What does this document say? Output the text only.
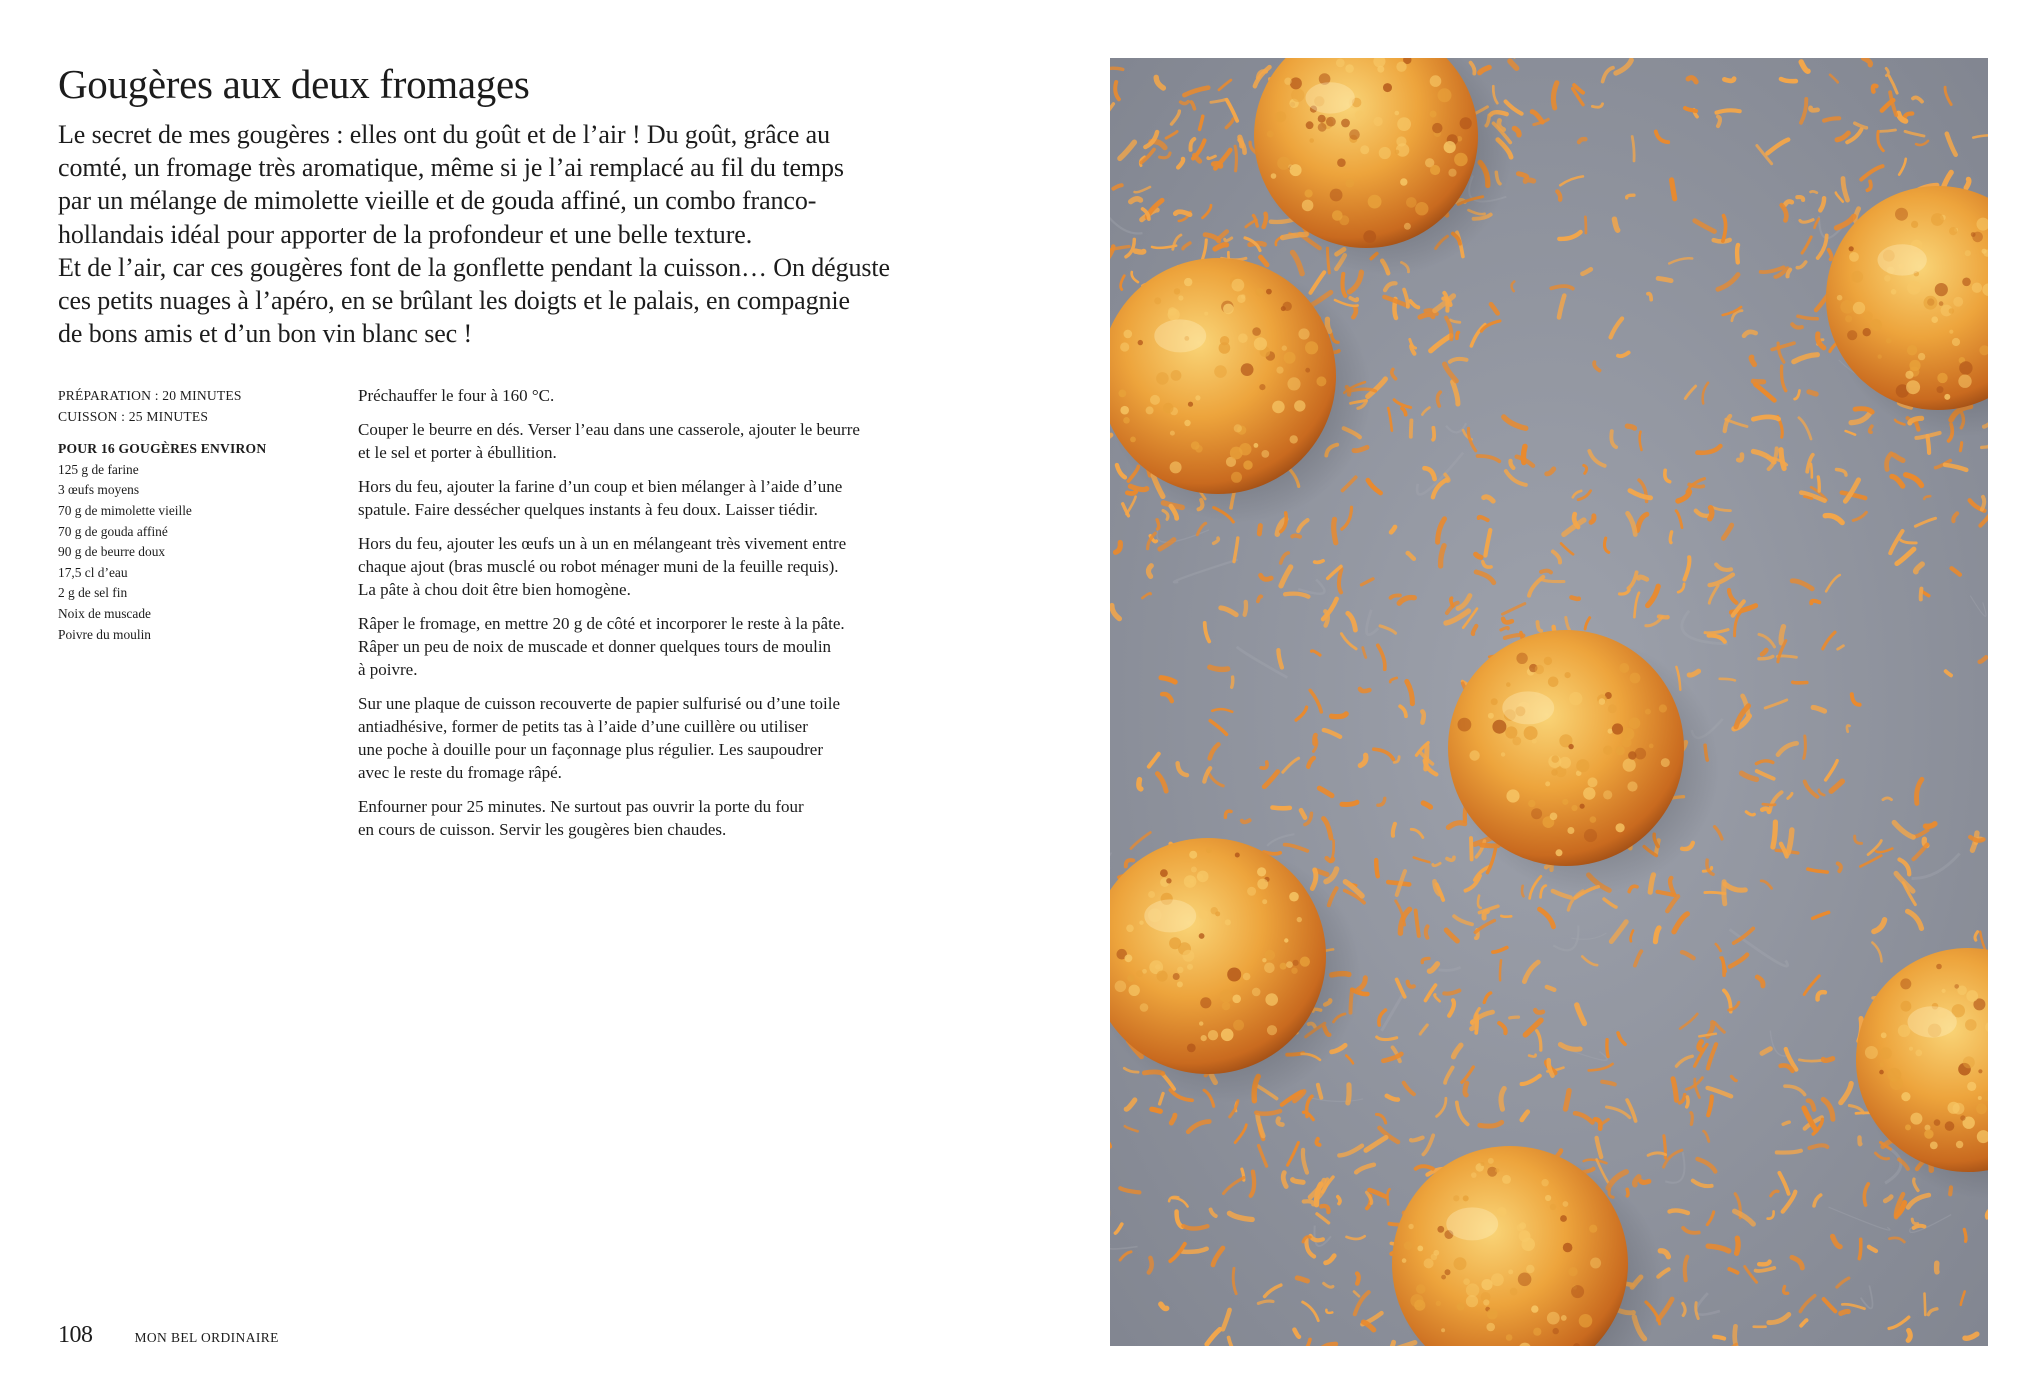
Gougères aux deux fromages

Le secret de mes gougères : elles ont du goût et de l’air ! Du goût, grâce au
comté, un fromage très aromatique, même si je l’ai remplacé au fil du temps
par un mélange de mimolette vieille et de gouda affiné, un combo franco-
hollandais idéal pour apporter de la profondeur et une belle texture.
Et de l’air, car ces gougères font de la gonflette pendant la cuisson… On déguste
ces petits nuages à l’apéro, en se brûlant les doigts et le palais, en compagnie
de bons amis et d’un bon vin blanc sec !

PRÉPARATION : 20 MINUTES
CUISSON : 25 MINUTES
POUR 16 GOUGÈRES ENVIRON
125 g de farine
3 œufs moyens
70 g de mimolette vieille
70 g de gouda affiné
90 g de beurre doux
17,5 cl d’eau
2 g de sel fin
Noix de muscade
Poivre du moulin

Préchauffer le four à 160 °C.

Couper le beurre en dés. Verser l’eau dans une casserole, ajouter le beurre
et le sel et porter à ébullition.

Hors du feu, ajouter la farine d’un coup et bien mélanger à l’aide d’une
spatule. Faire dessécher quelques instants à feu doux. Laisser tiédir.

Hors du feu, ajouter les œufs un à un en mélangeant très vivement entre
chaque ajout (bras musclé ou robot ménager muni de la feuille requis).
La pâte à chou doit être bien homogène.

Râper le fromage, en mettre 20 g de côté et incorporer le reste à la pâte.
Râper un peu de noix de muscade et donner quelques tours de moulin
à poivre.

Sur une plaque de cuisson recouverte de papier sulfurisé ou d’une toile
antiadhésive, former de petits tas à l’aide d’une cuillère ou utiliser
une poche à douille pour un façonnage plus régulier. Les saupoudrer
avec le reste du fromage râpé.

Enfourner pour 25 minutes. Ne surtout pas ouvrir la porte du four
en cours de cuisson. Servir les gougères bien chaudes.

108	MON BEL ORDINAIRE
